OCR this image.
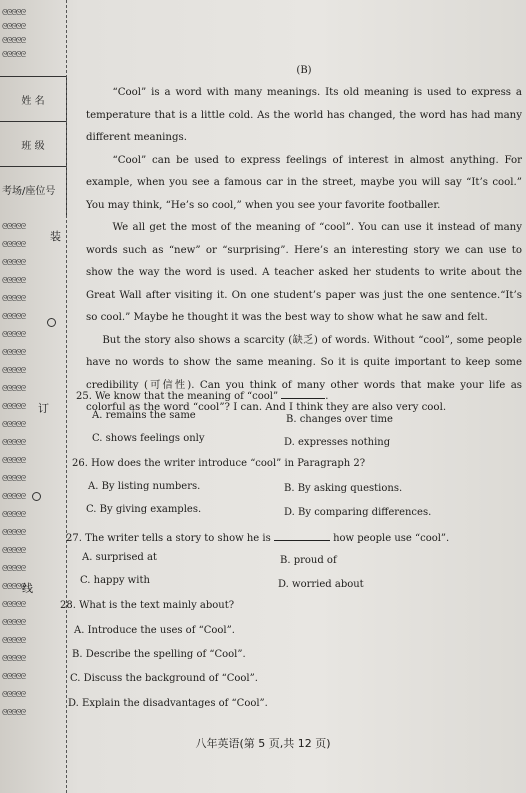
ᘓᘓᘓᘓᘓ
ᘓᘓᘓᘓᘓ
ᘓᘓᘓᘓᘓ
ᘓᘓᘓᘓᘓ
姓 名
班 级
考场/座位号
ᘓᘓᘓᘓᘓ
ᘓᘓᘓᘓᘓ
ᘓᘓᘓᘓᘓ
ᘓᘓᘓᘓᘓ
ᘓᘓᘓᘓᘓ
ᘓᘓᘓᘓᘓ
ᘓᘓᘓᘓᘓ
ᘓᘓᘓᘓᘓ
ᘓᘓᘓᘓᘓ
ᘓᘓᘓᘓᘓ
ᘓᘓᘓᘓᘓ
ᘓᘓᘓᘓᘓ
ᘓᘓᘓᘓᘓ
ᘓᘓᘓᘓᘓ
ᘓᘓᘓᘓᘓ
ᘓᘓᘓᘓᘓ
ᘓᘓᘓᘓᘓ
ᘓᘓᘓᘓᘓ
ᘓᘓᘓᘓᘓ
ᘓᘓᘓᘓᘓ
ᘓᘓᘓᘓᘓ
ᘓᘓᘓᘓᘓ
ᘓᘓᘓᘓᘓ
ᘓᘓᘓᘓᘓ
ᘓᘓᘓᘓᘓ
ᘓᘓᘓᘓᘓ
ᘓᘓᘓᘓᘓ
ᘓᘓᘓᘓᘓ
装
订
线
(B)

“Cool” is a word with many meanings. Its old meaning is used to express a temperature that is a little cold. As the world has changed, the word has had many different meanings.

“Cool” can be used to express feelings of interest in almost anything. For example, when you see a famous car in the street, maybe you will say “It’s cool.” You may think, “He’s so cool,” when you see your favorite footballer.

We all get the most of the meaning of “cool”. You can use it instead of many words such as “new” or “surprising”. Here’s an interesting story we can use to show the way the word is used. A teacher asked her students to write about the Great Wall after visiting it. On one student’s paper was just the one sentence.“It’s so cool.” Maybe he thought it was the best way to show what he saw and felt.

But the story also shows a scarcity (缺乏) of words. Without “cool”, some people have no words to show the same meaning. So it is quite important to keep some credibility (可信性). Can you think of many other words that make your life as colorful as the word “cool”? I can. And I think they are also very cool.

25. We know that the meaning of “cool”	.
A. remains the same	B. changes over time
C. shows feelings only	D. expresses nothing
26. How does the writer introduce “cool” in Paragraph 2?
A. By listing numbers.	B. By asking questions.
C. By giving examples.	D. By comparing differences.
27. The writer tells a story to show he is	how people use “cool”.
A. surprised at	B. proud of
C. happy with	D. worried about
28. What is the text mainly about?
A. Introduce the uses of “Cool”.
B. Describe the spelling of “Cool”.
C. Discuss the background of “Cool”.
D. Explain the disadvantages of “Cool”.
八年英语(第 5 页,共 12 页)
